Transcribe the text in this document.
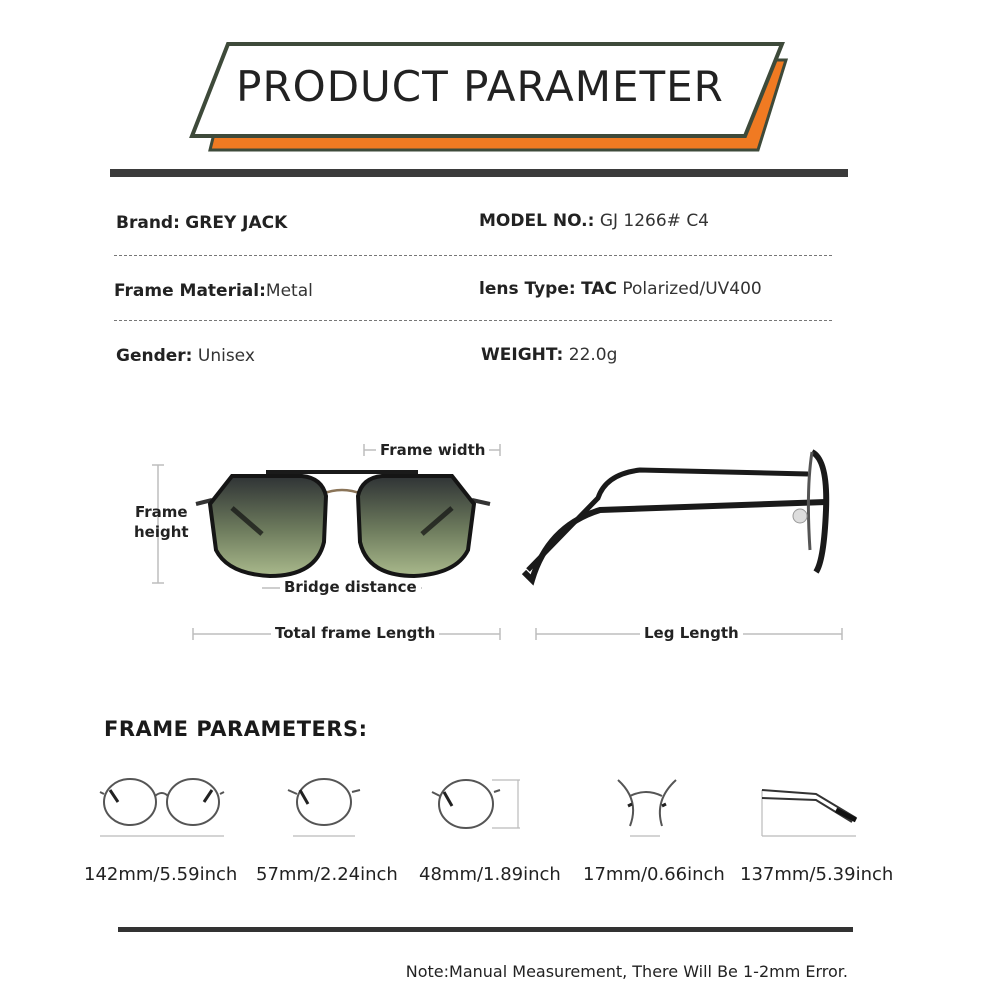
PRODUCT PARAMETER
Brand: GREY JACK	MODEL NO.: GJ 1266# C4
Frame Material:Metal	lens Type: TAC Polarized/UV400
Gender: Unisex	WEIGHT: 22.0g
Frame width
Frame
height
Bridge distance
Total frame Length	Leg Length
FRAME PARAMETERS:
142mm/5.59inch 57mm/2.24inch 48mm/1.89inch 17mm/0.66inch 137mm/5.39inch
Note:Manual Measurement, There Will Be 1-2mm Error.
